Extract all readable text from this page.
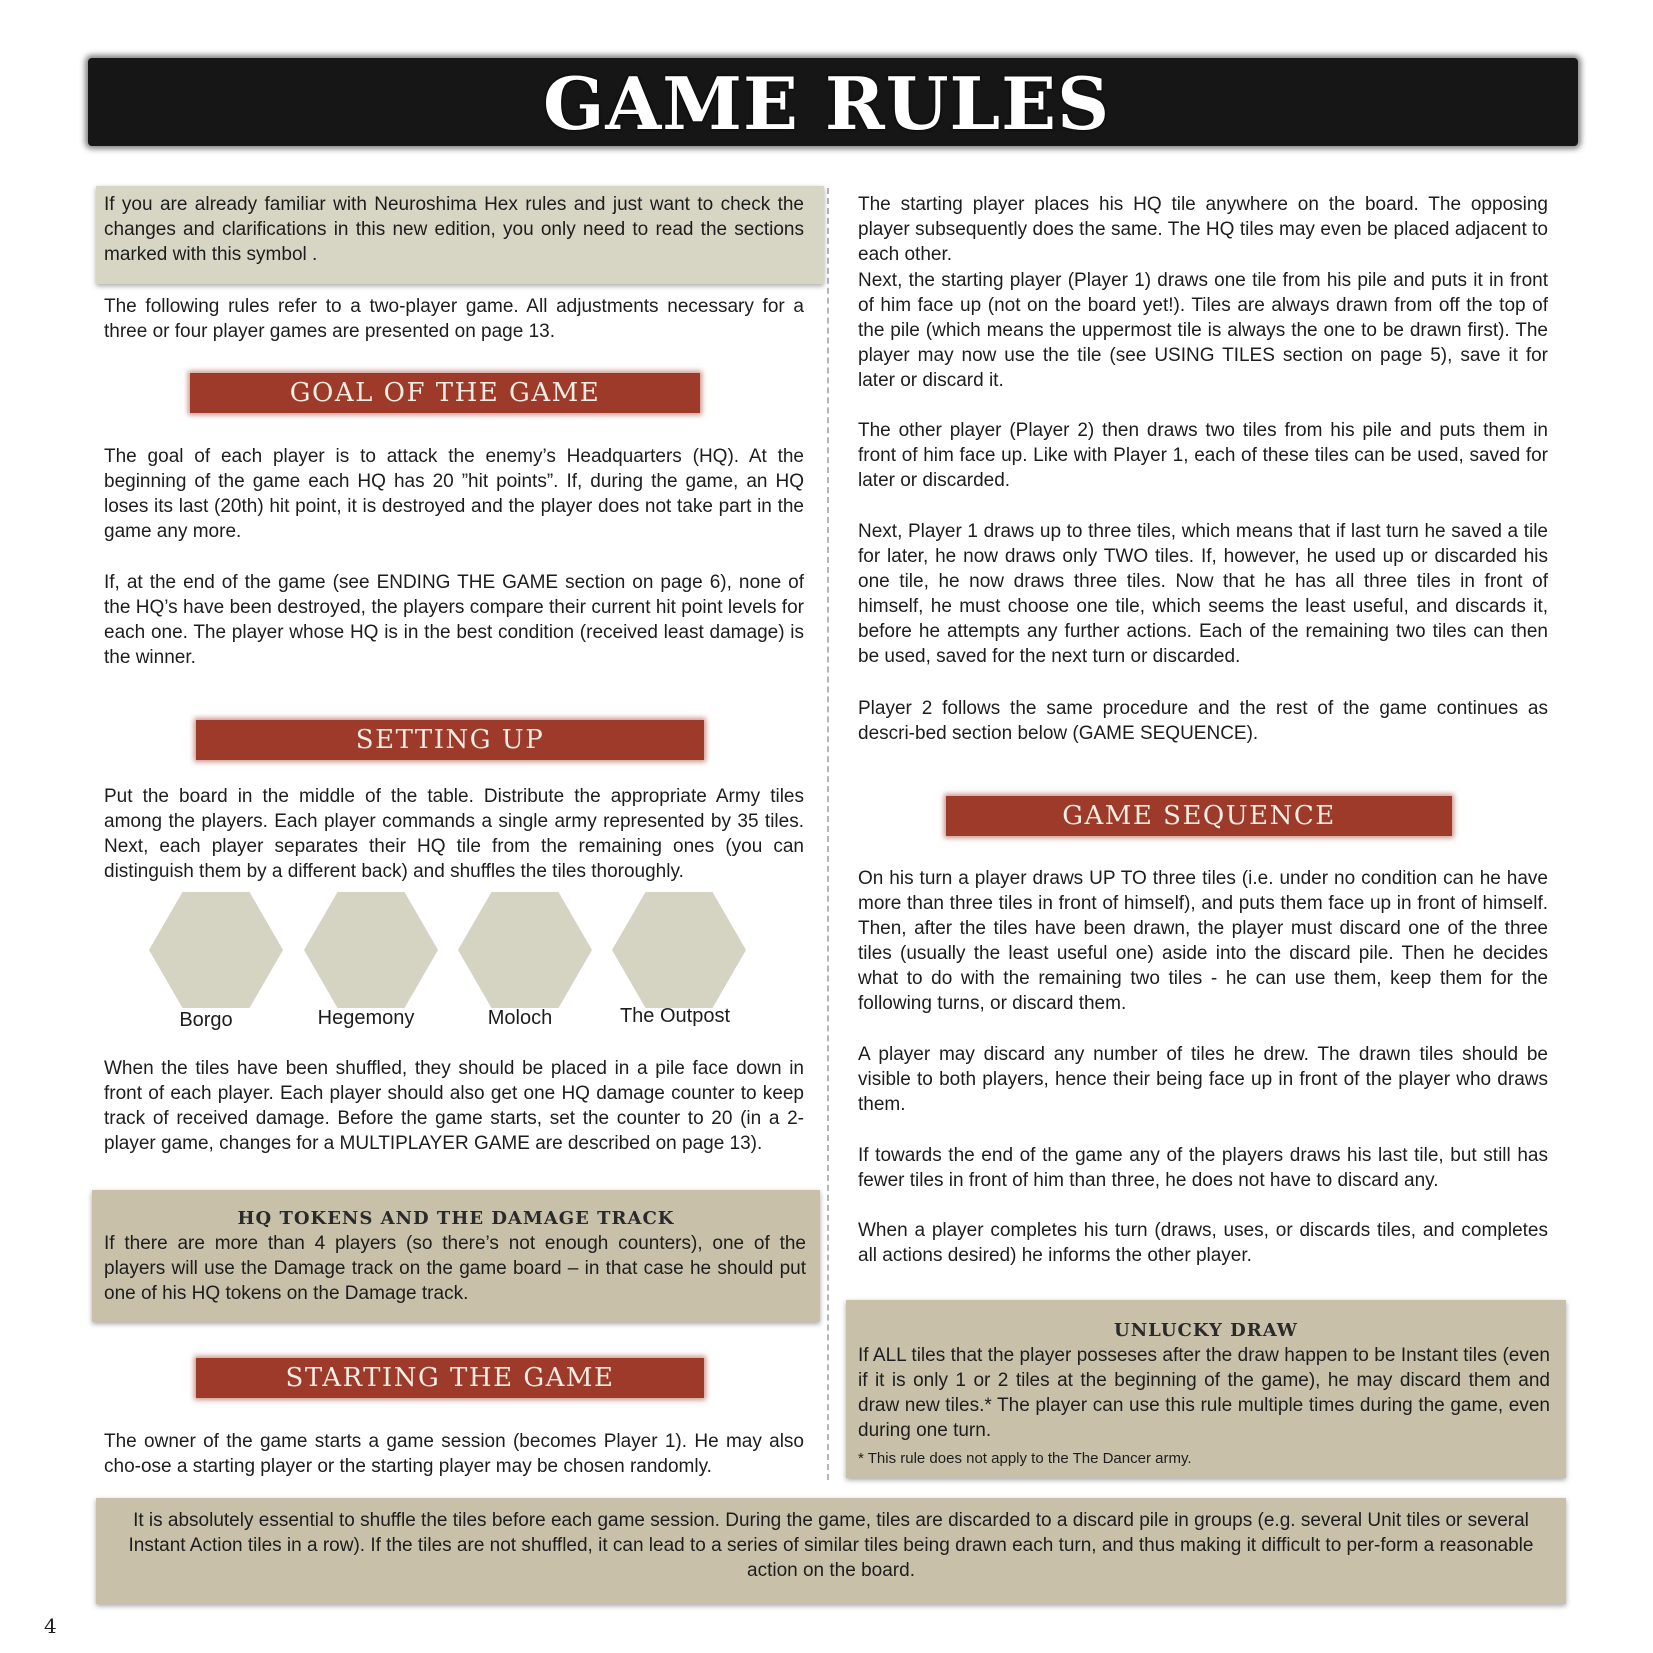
GAME RULES

If you are already familiar with Neuroshima Hex rules and just want to check the changes and clarifications in this new edition, you only need to read the sections marked with this symbol .

The following rules refer to a two-player game. All adjustments necessary for a three or four player games are presented on page 13.

GOAL OF THE GAME

The goal of each player is to attack the enemy’s Headquarters (HQ). At the beginning of the game each HQ has 20 ”hit points”. If, during the game, an HQ loses its last (20th) hit point, it is destroyed and the player does not take part in the game any more.

If, at the end of the game (see ENDING THE GAME section on page 6), none of the HQ’s have been destroyed, the players compare their current hit point levels for each one. The player whose HQ is in the best condition (received least damage) is the winner.

SETTING UP

Put the board in the middle of the table. Distribute the appropriate Army tiles among the players. Each player commands a single army represented by 35 tiles. Next, each player separates their HQ tile from the remaining ones (you can distinguish them by a different back) and shuffles the tiles thoroughly.

Borgo	Hegemony	Moloch	The Outpost

When the tiles have been shuffled, they should be placed in a pile face down in front of each player. Each player should also get one HQ damage counter to keep track of received damage. Before the game starts, set the counter to 20 (in a 2-player game, changes for a MULTIPLAYER GAME are described on page 13).

HQ TOKENS AND THE DAMAGE TRACK

If there are more than 4 players (so there’s not enough counters), one of the players will use the Damage track on the game board – in that case he should put one of his HQ tokens on the Damage track.

STARTING THE GAME

The owner of the game starts a game session (becomes Player 1). He may also cho-ose a starting player or the starting player may be chosen randomly.

The starting player places his HQ tile anywhere on the board. The opposing player subsequently does the same. The HQ tiles may even be placed adjacent to each other.

Next, the starting player (Player 1) draws one tile from his pile and puts it in front of him face up (not on the board yet!). Tiles are always drawn from off the top of the pile (which means the uppermost tile is always the one to be drawn first). The player may now use the tile (see USING TILES section on page 5), save it for later or discard it.

The other player (Player 2) then draws two tiles from his pile and puts them in front of him face up. Like with Player 1, each of these tiles can be used, saved for later or discarded.

Next, Player 1 draws up to three tiles, which means that if last turn he saved a tile for later, he now draws only TWO tiles. If, however, he used up or discarded his one tile, he now draws three tiles. Now that he has all three tiles in front of himself, he must choose one tile, which seems the least useful, and discards it, before he attempts any further actions. Each of the remaining two tiles can then be used, saved for the next turn or discarded.

Player 2 follows the same procedure and the rest of the game continues as descri-bed section below (GAME SEQUENCE).

GAME SEQUENCE

On his turn a player draws UP TO three tiles (i.e. under no condition can he have more than three tiles in front of himself), and puts them face up in front of himself. Then, after the tiles have been drawn, the player must discard one of the three tiles (usually the least useful one) aside into the discard pile. Then he decides what to do with the remaining two tiles - he can use them, keep them for the following turns, or discard them.

A player may discard any number of tiles he drew. The drawn tiles should be visible to both players, hence their being face up in front of the player who draws them.

If towards the end of the game any of the players draws his last tile, but still has fewer tiles in front of him than three, he does not have to discard any.

When a player completes his turn (draws, uses, or discards tiles, and completes all actions desired) he informs the other player.

UNLUCKY DRAW

If ALL tiles that the player posseses after the draw happen to be Instant tiles (even if it is only 1 or 2 tiles at the beginning of the game), he may discard them and draw new tiles.* The player can use this rule multiple times during the game, even during one turn.

* This rule does not apply to the The Dancer army.

It is absolutely essential to shuffle the tiles before each game session. During the game, tiles are discarded to a discard pile in groups (e.g. several Unit tiles or several Instant Action tiles in a row). If the tiles are not shuffled, it can lead to a series of similar tiles being drawn each turn, and thus making it difficult to per-form a reasonable action on the board.

4
